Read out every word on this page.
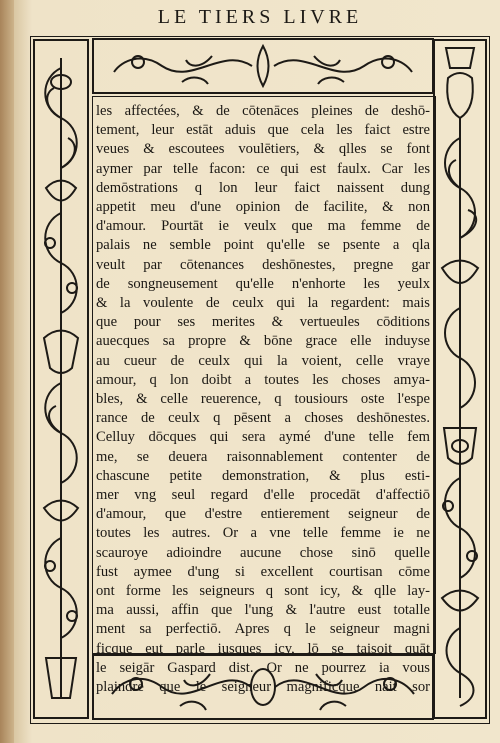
LE TIERS LIVRE
les affectées, & de cōtenāces pleines de deshō-
tement, leur estāt aduis que cela les faict estre
veues & escoutees voulētiers, & qlles se font
aymer par telle facon: ce qui est faulx. Car les
demōstrations q lon leur faict naissent dung
appetit meu d'une opinion de facilite, & non
d'amour. Pourtāt ie veulx que ma femme de
palais ne semble point qu'elle se psente a qla
veult par cōtenances deshōnestes, pregne gar
de songneusement qu'elle n'enhorte les yeulx
& la voulente de ceulx qui la regardent: mais
que pour ses merites & vertueules cōditions
auecques sa propre & bōne grace elle induyse
au cueur de ceulx qui la voient, celle vraye
amour, q lon doibt a toutes les choses amya-
bles, & celle reuerence, q tousiours oste l'espe
rance de ceulx q pēsent a choses deshōnestes.
Celluy dōcques qui sera aymé d'une telle fem
me, se deuera raisonnablement contenter de
chascune petite demonstration, & plus esti-
mer vng seul regard d'elle procedāt d'affectiō
d'amour, que d'estre entierement seigneur de
toutes les autres. Or a vne telle femme ie ne
scauroye adioindre aucune chose sinō quelle
fust aymee d'ung si excellent courtisan cōme
ont forme les seigneurs q sont icy, & qlle lay-
ma aussi, affin que l'ung & l'autre eust totalle
ment sa perfectiō. Apres q le seigneur magni
ficque eut parle iusques icy, lō se taisoit quāt
le seigār Gaspard dist. Or ne pourrez ia vous
plaindre que le seigneur magnificque nait sor
